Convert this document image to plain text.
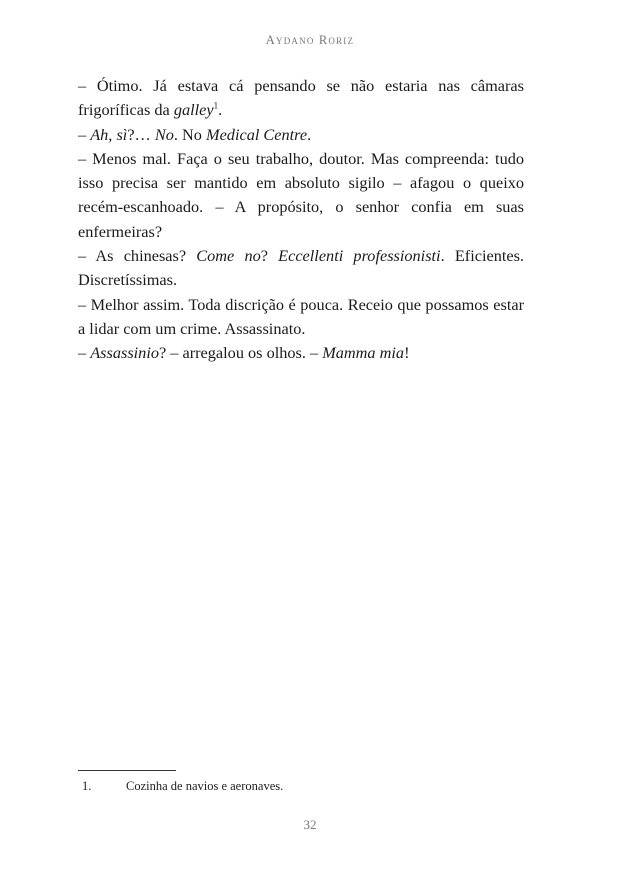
Aydano Roriz

– Ótimo. Já estava cá pensando se não estaria nas câmaras frigoríficas da galley$^1$.

– Ah, sì?… No. No Medical Centre.

– Menos mal. Faça o seu trabalho, doutor. Mas compreenda: tudo isso precisa ser mantido em absoluto sigilo – afagou o queixo recém-escanhoado. – A propósito, o senhor confia em suas enfermeiras?

– As chinesas? Come no? Eccellenti professionisti. Eficientes. Discretíssimas.

– Melhor assim. Toda discrição é pouca. Receio que possamos estar a lidar com um crime. Assassinato.

– Assassinio? – arregalou os olhos. – Mamma mia!

1.	Cozinha de navios e aeronaves.
32
